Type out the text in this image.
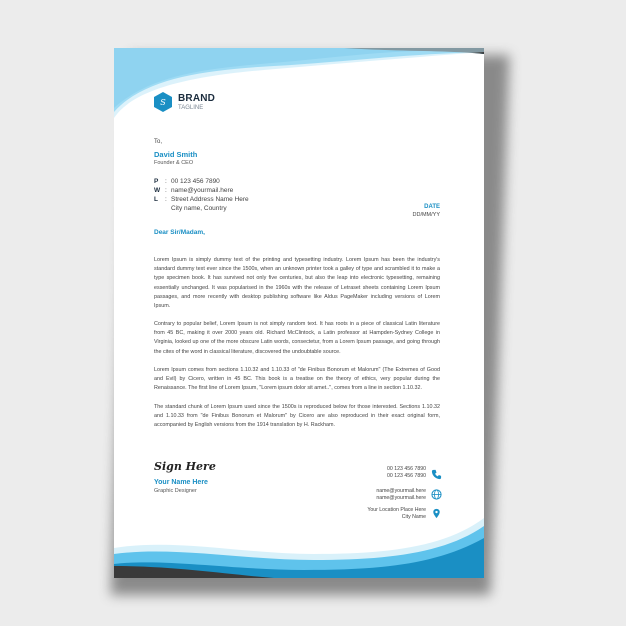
S BRAND
TAGLINE
To,
David Smith
Founder & CEO
P : 00 123 456 7890
W : name@yourmail.here
L : Street Address Name Here
City name, Country	DATE
DD/MM/YY
Dear Sir/Madam,
Lorem Ipsum is simply dummy text of the printing and typesetting industry. Lorem Ipsum has been the industry's standard dummy text ever since the 1500s, when an unknown printer took a galley of type and scrambled it to make a type specimen book. It has survived not only five centuries, but also the leap into electronic typesetting, remaining essentially unchanged. It was popularised in the 1960s with the release of Letraset sheets containing Lorem Ipsum passages, and more recently with desktop publishing software like Aldus PageMaker including versions of Lorem Ipsum.
Contrary to popular belief, Lorem Ipsum is not simply random text. It has roots in a piece of classical Latin literature from 45 BC, making it over 2000 years old. Richard McClintock, a Latin professor at Hampden-Sydney College in Virginia, looked up one of the more obscure Latin words, consectetur, from a Lorem Ipsum passage, and going through the cites of the word in classical literature, discovered the undoubtable source.
Lorem Ipsum comes from sections 1.10.32 and 1.10.33 of "de Finibus Bonorum et Malorum" (The Extremes of Good and Evil) by Cicero, written in 45 BC. This book is a treatise on the theory of ethics, very popular during the Renaissance. The first line of Lorem Ipsum, "Lorem ipsum dolor sit amet..", comes from a line in section 1.10.32.
The standard chunk of Lorem Ipsum used since the 1500s is reproduced below for those interested. Sections 1.10.32 and 1.10.33 from "de Finibus Bonorum et Malorum" by Cicero are also reproduced in their exact original form, accompanied by English versions from the 1914 translation by H. Rackham.
Sign Here
Your Name Here
Graphic Designer
00 123 456 7890
00 123 456 7890
name@yourmail.here
name@yourmail.here
Your Location Place Here
City Name
